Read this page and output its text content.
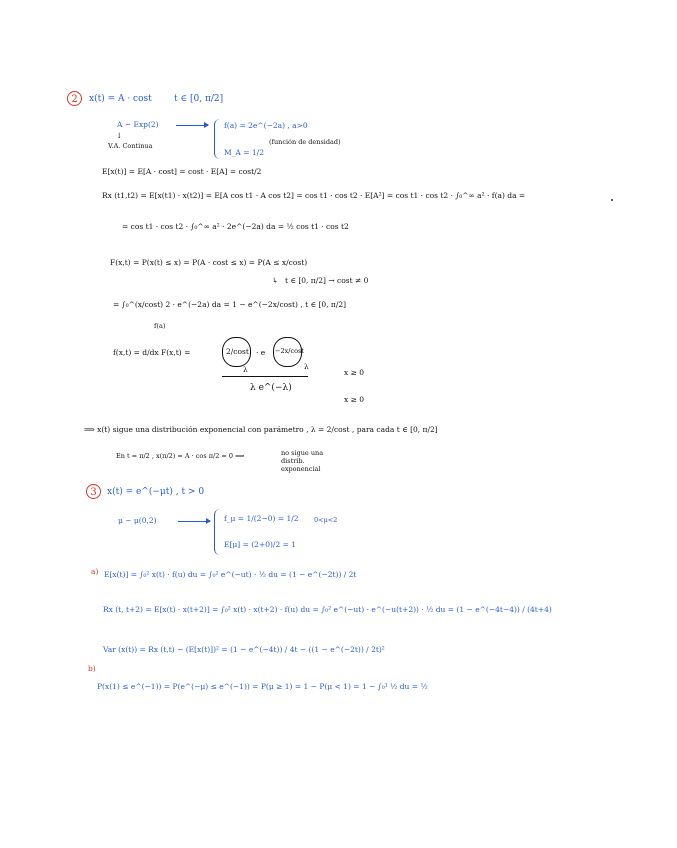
2	x(t) = A · cost t ∈ [0, π/2]
A ~ Exp(2)
↓
V.A. Continua
f(a) = 2e^(−2a) , a>0
(función de densidad)
M_A = 1/2
E[x(t)] = E[A · cost] = cost · E[A] = cost/2
Rx (t1,t2) = E[x(t1) · x(t2)] = E[A cos t1 · A cos t2] = cos t1 · cos t2 · E[A²] = cos t1 · cos t2 · ∫₀^∞ a² · f(a) da =
= cos t1 · cos t2 · ∫₀^∞ a² · 2e^(−2a) da = ½ cos t1 · cos t2
F(x,t) = P(x(t) ≤ x) = P(A · cost ≤ x) = P(A ≤ x/cost)
↳ t ∈ [0, π/2] → cost ≠ 0
= ∫₀^(x/cost) 2 · e^(−2a) da = 1 − e^(−2x/cost) , t ∈ [0, π/2]
f(a)
f(x,t) = d/dx F(x,t) =	2/cost · e −2x/cost
λ	λ
λ e^(−λ)
x ≥ 0
x ≥ 0
⟹ x(t) sigue una distribución exponencial con parámetro , λ = 2/cost , para cada t ∈ [0, π/2]
En t = π/2 , x(π/2) = A · cos π/2 = 0 ⟹	no sigue una distrib. exponencial
3	x(t) = e^(−μt) , t > 0
μ ~ μ(0,2)	f_μ = 1/(2−0) = 1/2 0<μ<2
E[μ] = (2+0)/2 = 1
a) E[x(t)] = ∫₀² x(t) · f(u) du = ∫₀² e^(−ut) · ½ du = (1 − e^(−2t)) / 2t
Rx (t, t+2) = E[x(t) · x(t+2)] = ∫₀² x(t) · x(t+2) · f(u) du = ∫₀² e^(−ut) · e^(−u(t+2)) · ½ du = (1 − e^(−4t−4)) / (4t+4)
Var (x(t)) = Rx (t,t) − (E[x(t)])² = (1 − e^(−4t)) / 4t − ((1 − e^(−2t)) / 2t)²
b)
P(x(1) ≤ e^(−1)) = P(e^(−μ) ≤ e^(−1)) = P(μ ≥ 1) = 1 − P(μ < 1) = 1 − ∫₀¹ ½ du = ½
